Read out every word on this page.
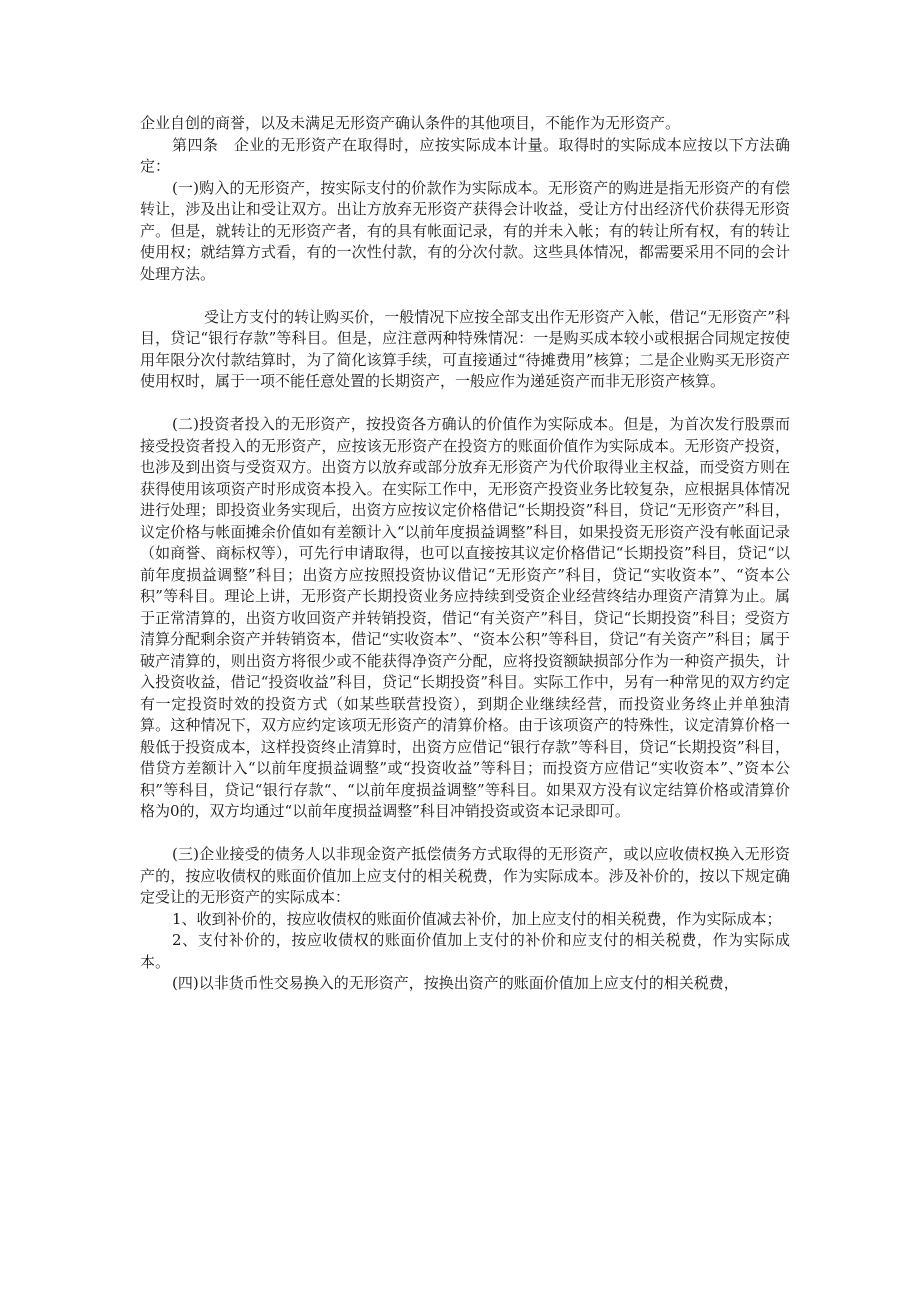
企业自创的商誉，以及未满足无形资产确认条件的其他项目，不能作为无形资产。

第四条　企业的无形资产在取得时，应按实际成本计量。取得时的实际成本应按以下方法确定：

(一)购入的无形资产，按实际支付的价款作为实际成本。无形资产的购进是指无形资产的有偿转让，涉及出让和受让双方。出让方放弃无形资产获得会计收益，受让方付出经济代价获得无形资产。但是，就转让的无形资产者，有的具有帐面记录，有的并未入帐；有的转让所有权，有的转让使用权；就结算方式看，有的一次性付款，有的分次付款。这些具体情况，都需要采用不同的会计处理方法。

受让方支付的转让购买价，一般情况下应按全部支出作无形资产入帐，借记“无形资产”科目，贷记“银行存款”等科目。但是，应注意两种特殊情况：一是购买成本较小或根据合同规定按使用年限分次付款结算时，为了简化该算手续，可直接通过“待摊费用”核算；二是企业购买无形资产使用权时，属于一项不能任意处置的长期资产，一般应作为递延资产而非无形资产核算。

(二)投资者投入的无形资产，按投资各方确认的价值作为实际成本。但是，为首次发行股票而接受投资者投入的无形资产，应按该无形资产在投资方的账面价值作为实际成本。无形资产投资，也涉及到出资与受资双方。出资方以放弃或部分放弃无形资产为代价取得业主权益，而受资方则在获得使用该项资产时形成资本投入。在实际工作中，无形资产投资业务比较复杂，应根据具体情况进行处理；即投资业务实现后，出资方应按议定价格借记“长期投资”科目，贷记“无形资产”科目，议定价格与帐面摊余价值如有差额计入“以前年度损益调整”科目，如果投资无形资产没有帐面记录（如商誉、商标权等），可先行申请取得，也可以直接按其议定价格借记“长期投资”科目，贷记“以前年度损益调整”科目；出资方应按照投资协议借记“无形资产”科目，贷记“实收资本”、“资本公积”等科目。理论上讲，无形资产长期投资业务应持续到受资企业经营终结办理资产清算为止。属于正常清算的，出资方收回资产并转销投资，借记“有关资产”科目，贷记“长期投资”科目；受资方清算分配剩余资产并转销资本，借记“实收资本”、“资本公积”等科目，贷记“有关资产”科目；属于破产清算的，则出资方将很少或不能获得净资产分配，应将投资额缺损部分作为一种资产损失，计入投资收益，借记“投资收益”科目，贷记“长期投资”科目。实际工作中，另有一种常见的双方约定有一定投资时效的投资方式（如某些联营投资），到期企业继续经营，而投资业务终止并单独清算。这种情况下，双方应约定该项无形资产的清算价格。由于该项资产的特殊性，议定清算价格一般低于投资成本，这样投资终止清算时，出资方应借记“银行存款”等科目，贷记“长期投资”科目，借贷方差额计入“以前年度损益调整”或“投资收益”等科目；而投资方应借记“实收资本”、”资本公积”等科目，贷记“银行存款“、“以前年度损益调整”等科目。如果双方没有议定结算价格或清算价格为0的，双方均通过“以前年度损益调整”科目冲销投资或资本记录即可。

(三)企业接受的债务人以非现金资产抵偿债务方式取得的无形资产，或以应收债权换入无形资产的，按应收债权的账面价值加上应支付的相关税费，作为实际成本。涉及补价的，按以下规定确定受让的无形资产的实际成本：

1、收到补价的，按应收债权的账面价值减去补价，加上应支付的相关税费，作为实际成本；

2、支付补价的，按应收债权的账面价值加上支付的补价和应支付的相关税费，作为实际成本。

(四)以非货币性交易换入的无形资产，按换出资产的账面价值加上应支付的相关税费，
